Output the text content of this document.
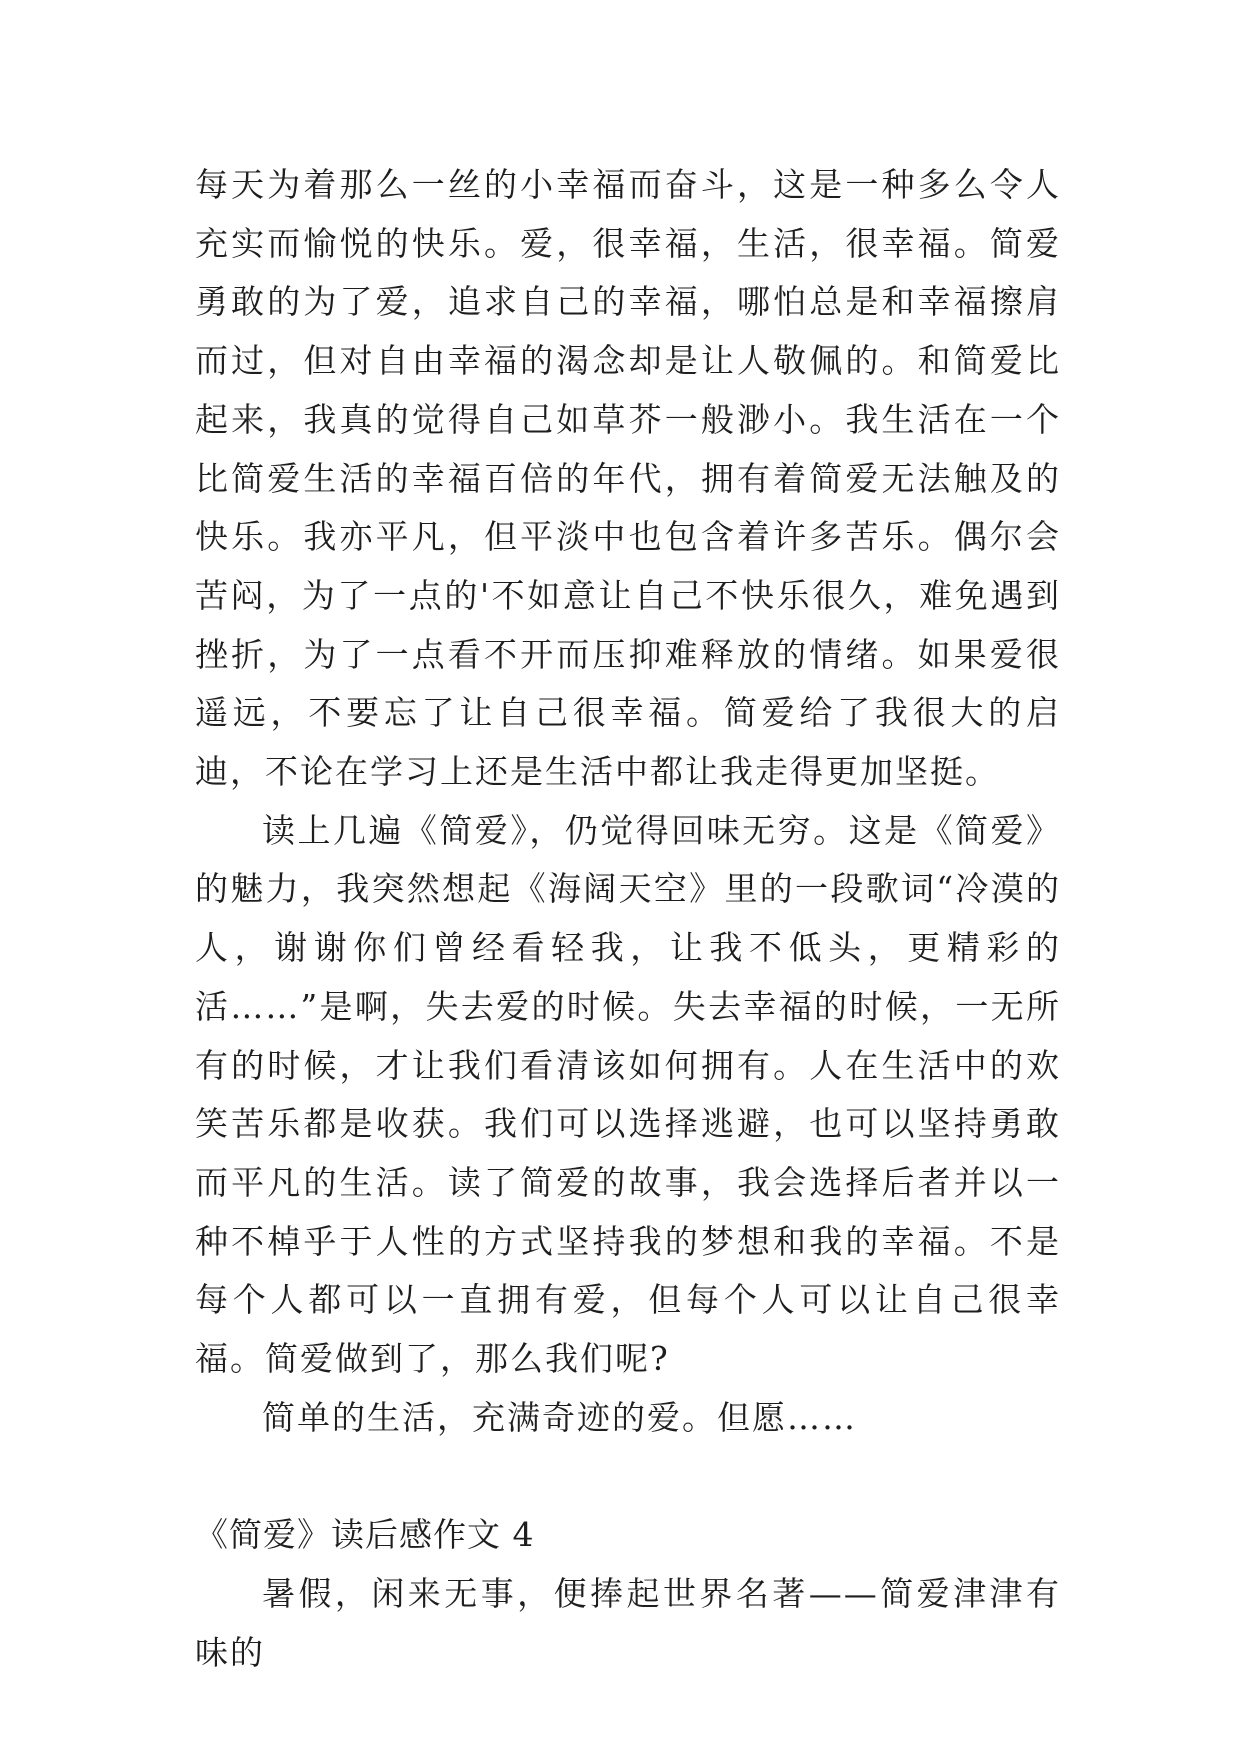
每天为着那么一丝的小幸福而奋斗，这是一种多么令人充实而愉悦的快乐。爱，很幸福，生活，很幸福。简爱勇敢的为了爱，追求自己的幸福，哪怕总是和幸福擦肩而过，但对自由幸福的渴念却是让人敬佩的。和简爱比起来，我真的觉得自己如草芥一般渺小。我生活在一个比简爱生活的幸福百倍的年代，拥有着简爱无法触及的快乐。我亦平凡，但平淡中也包含着许多苦乐。偶尔会苦闷，为了一点的'不如意让自己不快乐很久，难免遇到挫折，为了一点看不开而压抑难释放的情绪。如果爱很遥远，不要忘了让自己很幸福。简爱给了我很大的启迪，不论在学习上还是生活中都让我走得更加坚挺。

读上几遍《简爱》，仍觉得回味无穷。这是《简爱》的魅力，我突然想起《海阔天空》里的一段歌词“冷漠的人，谢谢你们曾经看轻我，让我不低头，更精彩的活……”是啊，失去爱的时候。失去幸福的时候，一无所有的时候，才让我们看清该如何拥有。人在生活中的欢笑苦乐都是收获。我们可以选择逃避，也可以坚持勇敢而平凡的生活。读了简爱的故事，我会选择后者并以一种不棹乎于人性的方式坚持我的梦想和我的幸福。不是每个人都可以一直拥有爱，但每个人可以让自己很幸福。简爱做到了，那么我们呢?

简单的生活，充满奇迹的爱。但愿……

《简爱》读后感作文 4

暑假，闲来无事，便捧起世界名著——简爱津津有味的
